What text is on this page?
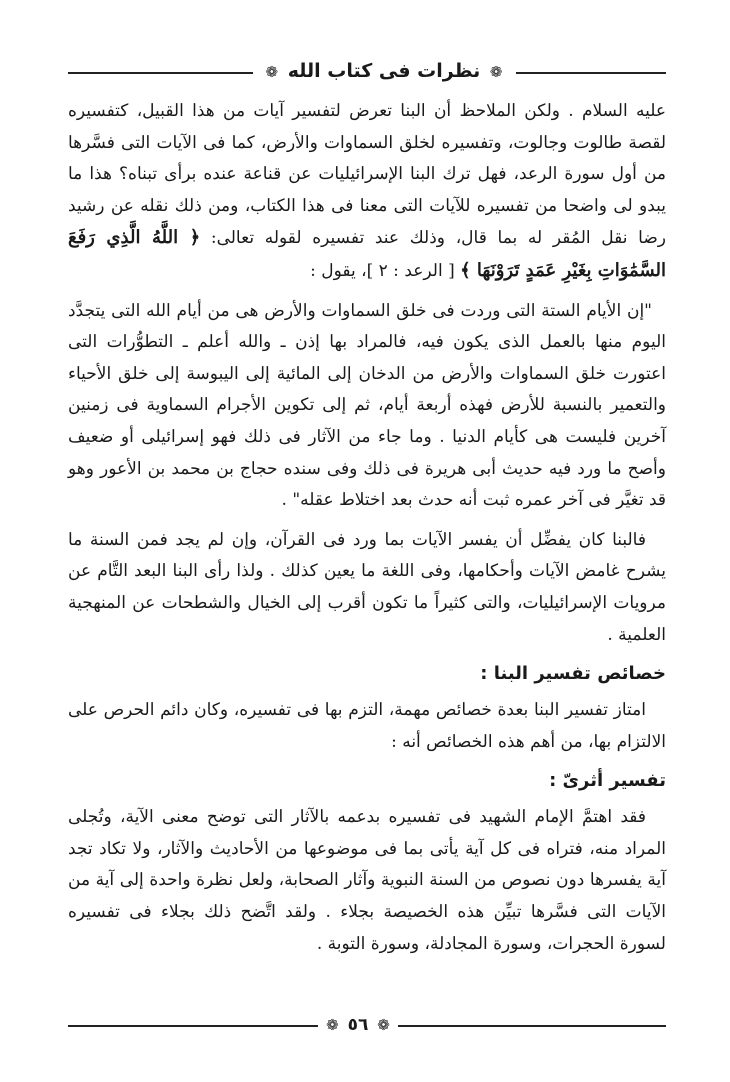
❁ نظرات فى كتاب الله ❁

عليه السلام . ولكن الملاحظ أن البنا تعرض لتفسير آيات من هذا القبيل، كتفسيره لقصة طالوت وجالوت، وتفسيره لخلق السماوات والأرض، كما فى الآيات التى فسَّرها من أول سورة الرعد، فهل ترك البنا الإسرائيليات عن قناعة عنده برأى تبناه؟ هذا ما يبدو لى واضحا من تفسيره للآيات التى معنا فى هذا الكتاب، ومن ذلك نقله عن رشيد رضا نقل المُقر له بما قال، وذلك عند تفسيره لقوله تعالى: ﴿ اللَّهُ الَّذِي رَفَعَ السَّمَٰوَاتِ بِغَيْرِ عَمَدٍ تَرَوْنَهَا ﴾ [ الرعد : ٢ ]، يقول :

"إن الأيام الستة التى وردت فى خلق السماوات والأرض هى من أيام الله التى يتجدَّد اليوم منها بالعمل الذى يكون فيه، فالمراد بها إذن ـ والله أعلم ـ التطوُّرات التى اعتورت خلق السماوات والأرض من الدخان إلى المائية إلى اليبوسة إلى خلق الأحياء والتعمير بالنسبة للأرض فهذه أربعة أيام، ثم إلى تكوين الأجرام السماوية فى زمنين آخرين فليست هى كأيام الدنيا . وما جاء من الآثار فى ذلك فهو إسرائيلى أو ضعيف وأصح ما ورد فيه حديث أبى هريرة فى ذلك وفى سنده حجاج بن محمد بن الأعور وهو قد تغيَّر فى آخر عمره ثبت أنه حدث بعد اختلاط عقله" .

فالبنا كان يفضِّل أن يفسر الآيات بما ورد فى القرآن، وإن لم يجد فمن السنة ما يشرح غامض الآيات وأحكامها، وفى اللغة ما يعين كذلك . ولذا رأى البنا البعد التَّام عن مرويات الإسرائيليات، والتى كثيراً ما تكون أقرب إلى الخيال والشطحات عن المنهجية العلمية .

خصائص تفسير البنا :

امتاز تفسير البنا بعدة خصائص مهمة، التزم بها فى تفسيره، وكان دائم الحرص على الالتزام بها، من أهم هذه الخصائص أنه :

تفسير أثرىّ :

فقد اهتمَّ الإمام الشهيد فى تفسيره بدعمه بالآثار التى توضح معنى الآية، وتُجلى المراد منه، فتراه فى كل آية يأتى بما فى موضوعها من الأحاديث والآثار، ولا تكاد تجد آية يفسرها دون نصوص من السنة النبوية وآثار الصحابة، ولعل نظرة واحدة إلى آية من الآيات التى فسَّرها تبيِّن هذه الخصيصة بجلاء . ولقد اتَّضح ذلك بجلاء فى تفسيره لسورة الحجرات، وسورة المجادلة، وسورة التوبة .

❁ ٥٦ ❁
